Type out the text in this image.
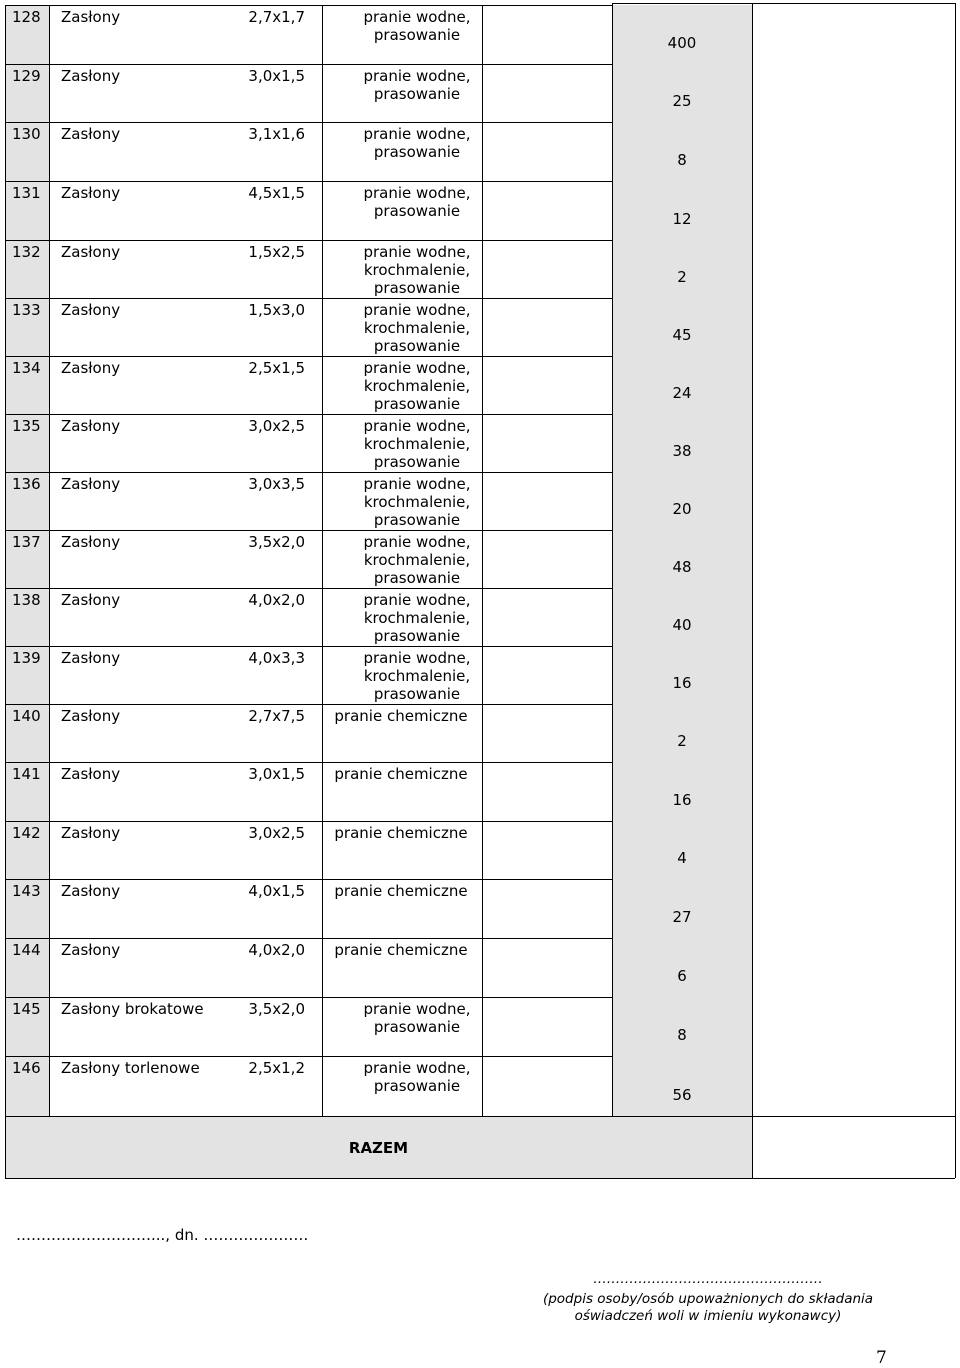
128 Zasłony	2,7x1,7	pranie wodne,
prasowanie	400
129 Zasłony	3,0x1,5	pranie wodne,
prasowanie	25
130 Zasłony	3,1x1,6	pranie wodne,
prasowanie	8
131 Zasłony	4,5x1,5	pranie wodne,
prasowanie	12
132 Zasłony	1,5x2,5	pranie wodne,
krochmalenie,
prasowanie
2
133 Zasłony	1,5x3,0	pranie wodne,
krochmalenie,
prasowanie
45
134 Zasłony	2,5x1,5	pranie wodne,
krochmalenie,
prasowanie
24
135 Zasłony	3,0x2,5	pranie wodne,
krochmalenie,
prasowanie
38
136 Zasłony	3,0x3,5	pranie wodne,
krochmalenie,
prasowanie
20
137 Zasłony	3,5x2,0	pranie wodne,
krochmalenie,
prasowanie
48
138 Zasłony	4,0x2,0	pranie wodne,
krochmalenie,
prasowanie
40
139 Zasłony	4,0x3,3	pranie wodne,
krochmalenie,
prasowanie
16
140 Zasłony	2,7x7,5	pranie chemiczne
2
141 Zasłony	3,0x1,5	pranie chemiczne
16
142 Zasłony	3,0x2,5	pranie chemiczne
4
143 Zasłony	4,0x1,5	pranie chemiczne
27
144 Zasłony	4,0x2,0	pranie chemiczne
6
145 Zasłony brokatowe	3,5x2,0	pranie wodne,
prasowanie	8
146 Zasłony torlenowe	2,5x1,2	pranie wodne,
prasowanie	56
RAZEM
………………………..., dn. …………………
……………………………………………
(podpis osoby/osób upoważnionych do składania
oświadczeń woli w imieniu wykonawcy)
7
